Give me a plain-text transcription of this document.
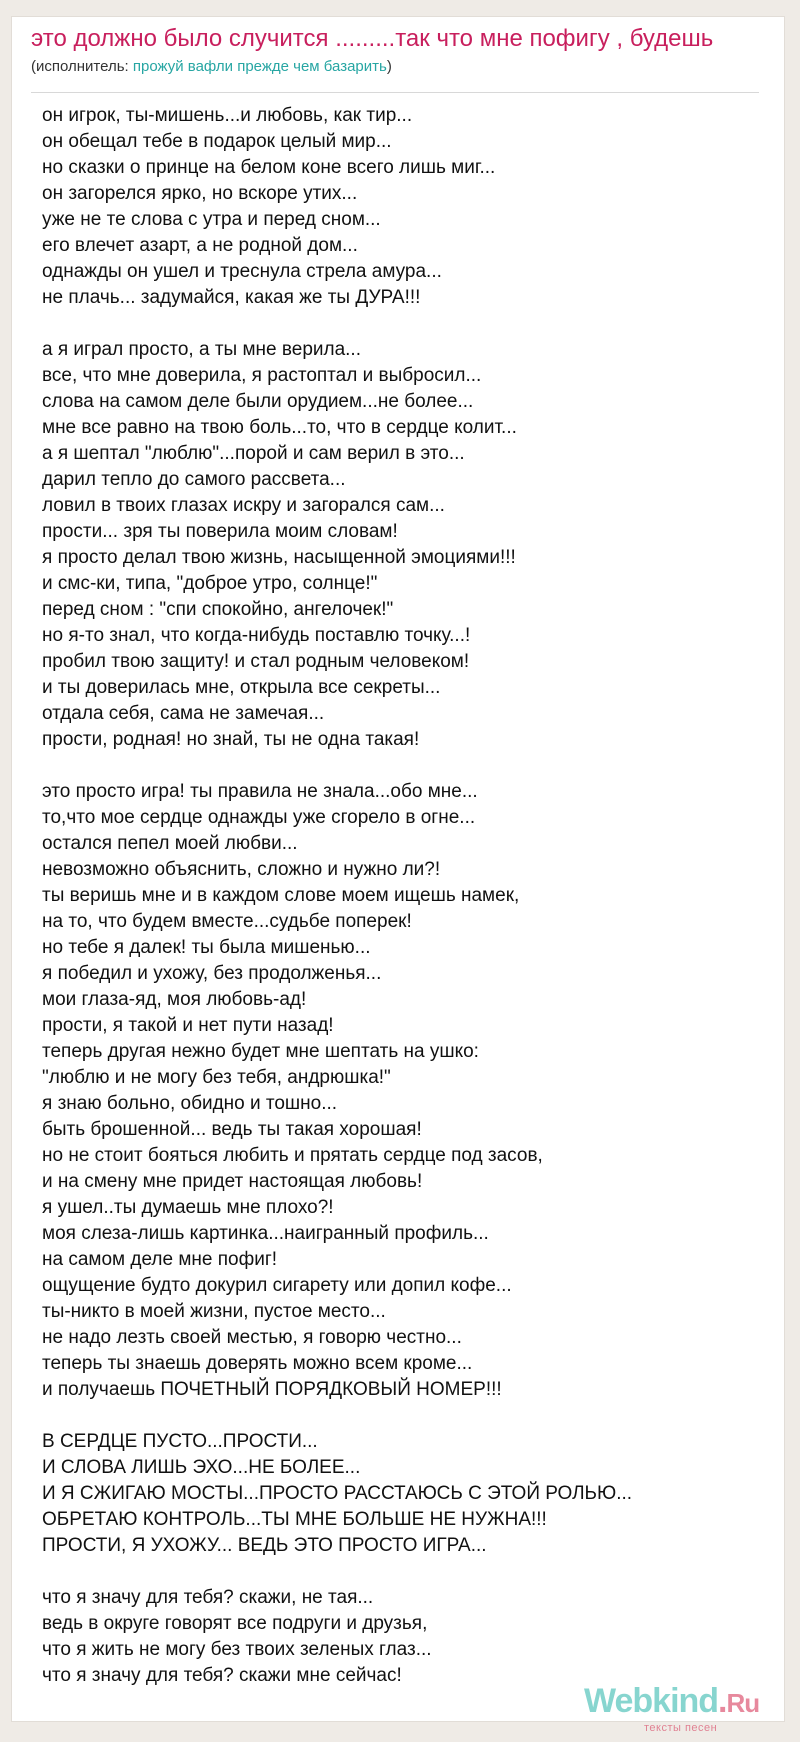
это должно было случится .........так что мне пофигу , будешь
(исполнитель: прожуй вафли прежде чем базарить)
он игрок, ты-мишень...и любовь, как тир...
он обещал тебе в подарок целый мир...
но сказки о принце на белом коне всего лишь миг...
он загорелся ярко, но вскоре утих...
уже не те слова с утра и перед сном...
его влечет азарт, а не родной дом...
однажды он ушел и треснула стрела амура...
не плачь... задумайся, какая же ты ДУРА!!!
а я играл просто, а ты мне верила...
все, что мне доверила, я растоптал и выбросил...
слова на самом деле были орудием...не более...
мне все равно на твою боль...то, что в сердце колит...
а я шептал "люблю"...порой и сам верил в это...
дарил тепло до самого рассвета...
ловил в твоих глазах искру и загорался сам...
прости... зря ты поверила моим словам!
я просто делал твою жизнь, насыщенной эмоциями!!!
и смс-ки, типа, "доброе утро, солнце!"
перед сном : "спи спокойно, ангелочек!"
но я-то знал, что когда-нибудь поставлю точку...!
пробил твою защиту! и стал родным человеком!
и ты доверилась мне, открыла все секреты...
отдала себя, сама не замечая...
прости, родная! но знай, ты не одна такая!
это просто игра! ты правила не знала...обо мне...
то,что мое сердце однажды уже сгорело в огне...
остался пепел моей любви...
невозможно объяснить, сложно и нужно ли?!
ты веришь мне и в каждом слове моем ищешь намек,
на то, что будем вместе...судьбе поперек!
но тебе я далек! ты была мишенью...
я победил и ухожу, без продолженья...
мои глаза-яд, моя любовь-ад!
прости, я такой и нет пути назад!
теперь другая нежно будет мне шептать на ушко:
"люблю и не могу без тебя, андрюшка!"
я знаю больно, обидно и тошно...
быть брошенной... ведь ты такая хорошая!
но не стоит бояться любить и прятать сердце под засов,
и на смену мне придет настоящая любовь!
я ушел..ты думаешь мне плохо?!
моя слеза-лишь картинка...наигранный профиль...
на самом деле мне пофиг!
ощущение будто докурил сигарету или допил кофе...
ты-никто в моей жизни, пустое место...
не надо лезть своей местью, я говорю честно...
теперь ты знаешь доверять можно всем кроме...
и получаешь ПОЧЕТНЫЙ ПОРЯДКОВЫЙ НОМЕР!!!
В СЕРДЦЕ ПУСТО...ПРОСТИ...
И СЛОВА ЛИШЬ ЭХО...НЕ БОЛЕЕ...
И Я СЖИГАЮ МОСТЫ...ПРОСТО РАССТАЮСЬ С ЭТОЙ РОЛЬЮ...
ОБРЕТАЮ КОНТРОЛЬ...ТЫ МНЕ БОЛЬШЕ НЕ НУЖНА!!!
ПРОСТИ, Я УХОЖУ... ВЕДЬ ЭТО ПРОСТО ИГРА...
что я значу для тебя? скажи, не тая...
ведь в округе говорят все подруги и друзья,
что я жить не могу без твоих зеленых глаз...
что я значу для тебя? скажи мне сейчас!
Webkind.Ru
тексты песен
